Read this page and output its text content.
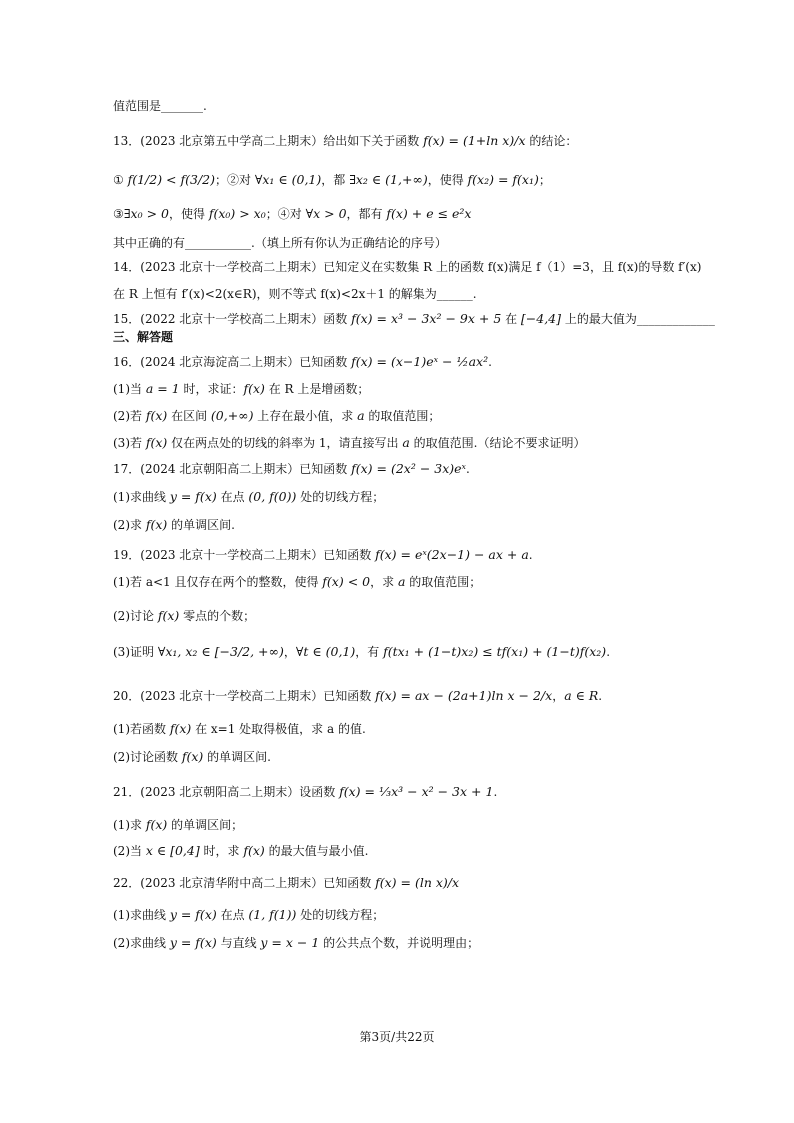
值范围是_______.
13．(2023 北京第五中学高二上期末）给出如下关于函数 f(x) = (1+ln x)/x 的结论：
① f(1/2) < f(3/2)；②对 ∀x₁ ∈ (0,1)，都 ∃x₂ ∈ (1,+∞)，使得 f(x₂) = f(x₁)；
③∃x₀ > 0，使得 f(x₀) > x₀；④对 ∀x > 0，都有 f(x) + e ≤ e²x
其中正确的有___________.（填上所有你认为正确结论的序号）
14．(2023 北京十一学校高二上期末）已知定义在实数集 R 上的函数 f(x)满足 f（1）=3，且 f(x)的导数 f′(x)
在 R 上恒有 f′(x)<2(x∈R)，则不等式 f(x)<2x＋1 的解集为______.
15．(2022 北京十一学校高二上期末）函数 f(x) = x³ − 3x² − 9x + 5 在 [−4,4] 上的最大值为_____________
三、解答题
16．(2024 北京海淀高二上期末）已知函数 f(x) = (x−1)eˣ − ½ax².
(1)当 a = 1 时，求证：f(x) 在 R 上是增函数；
(2)若 f(x) 在区间 (0,+∞) 上存在最小值，求 a 的取值范围；
(3)若 f(x) 仅在两点处的切线的斜率为 1，请直接写出 a 的取值范围.（结论不要求证明）
17．(2024 北京朝阳高二上期末）已知函数 f(x) = (2x² − 3x)eˣ.
(1)求曲线 y = f(x) 在点 (0, f(0)) 处的切线方程；
(2)求 f(x) 的单调区间.
19．(2023 北京十一学校高二上期末）已知函数 f(x) = eˣ(2x−1) − ax + a.
(1)若 a<1 且仅存在两个的整数，使得 f(x) < 0，求 a 的取值范围；
(2)讨论 f(x) 零点的个数；
(3)证明 ∀x₁, x₂ ∈ [−3/2, +∞)，∀t ∈ (0,1)，有 f(tx₁ + (1−t)x₂) ≤ tf(x₁) + (1−t)f(x₂).
20．(2023 北京十一学校高二上期末）已知函数 f(x) = ax − (2a+1)ln x − 2/x，a ∈ R.
(1)若函数 f(x) 在 x=1 处取得极值，求 a 的值.
(2)讨论函数 f(x) 的单调区间.
21．(2023 北京朝阳高二上期末）设函数 f(x) = ⅓x³ − x² − 3x + 1.
(1)求 f(x) 的单调区间；
(2)当 x ∈ [0,4] 时，求 f(x) 的最大值与最小值.
22．(2023 北京清华附中高二上期末）已知函数 f(x) = (ln x)/x
(1)求曲线 y = f(x) 在点 (1, f(1)) 处的切线方程；
(2)求曲线 y = f(x) 与直线 y = x − 1 的公共点个数，并说明理由；
第3页/共22页
